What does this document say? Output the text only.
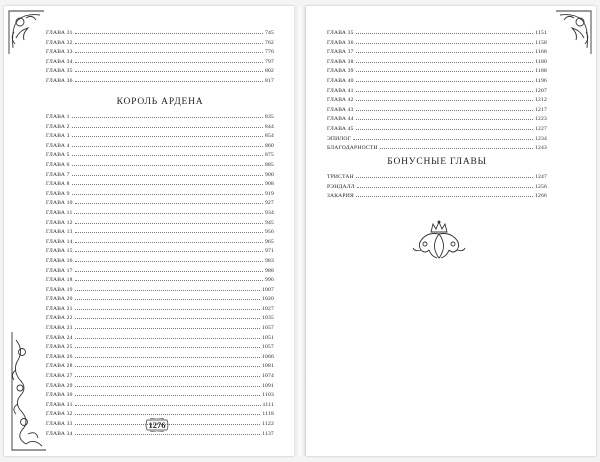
ГЛАВА 31	745
ГЛАВА 32	762
ГЛАВА 33	776
ГЛАВА 34	797
ГЛАВА 35	802
ГЛАВА 36	817
КОРОЛЬ АРДЕНА
ГЛАВА 1	835
ГЛАВА 2	844
ГЛАВА 3	854
ГЛАВА 4	860
ГЛАВА 5	875
ГЛАВА 6	885
ГЛАВА 7	900
ГЛАВА 8	908
ГЛАВА 9	919
ГЛАВА 10	927
ГЛАВА 11	934
ГЛАВА 12	945
ГЛАВА 13	956
ГЛАВА 14	965
ГЛАВА 15	971
ГЛАВА 16	983
ГЛАВА 17	988
ГЛАВА 18	996
ГЛАВА 19	1007
ГЛАВА 20	1020
ГЛАВА 21	1027
ГЛАВА 22	1035
ГЛАВА 23	1057
ГЛАВА 24	1051
ГЛАВА 25	1057
ГЛАВА 26	1066
ГЛАВА 28	1081
ГЛАВА 27	1074
ГЛАВА 29	1091
ГЛАВА 30	1103
ГЛАВА 31	1111
ГЛАВА 32	1118
ГЛАВА 33	1122
ГЛАВА 34	1137
1276
ГЛАВА 35	1151
ГЛАВА 36	1158
ГЛАВА 37	1168
ГЛАВА 38	1180
ГЛАВА 39	1188
ГЛАВА 40	1196
ГЛАВА 41	1207
ГЛАВА 42	1212
ГЛАВА 43	1217
ГЛАВА 44	1223
ГЛАВА 45	1227
ЭПИЛОГ	1234
БЛАГОДАРНОСТИ	1243
БОНУСНЫЕ ГЛАВЫ
ТРИСТАН	1247
РЭНДАЛЛ	1256
ЗАКАРИЯ	1266
